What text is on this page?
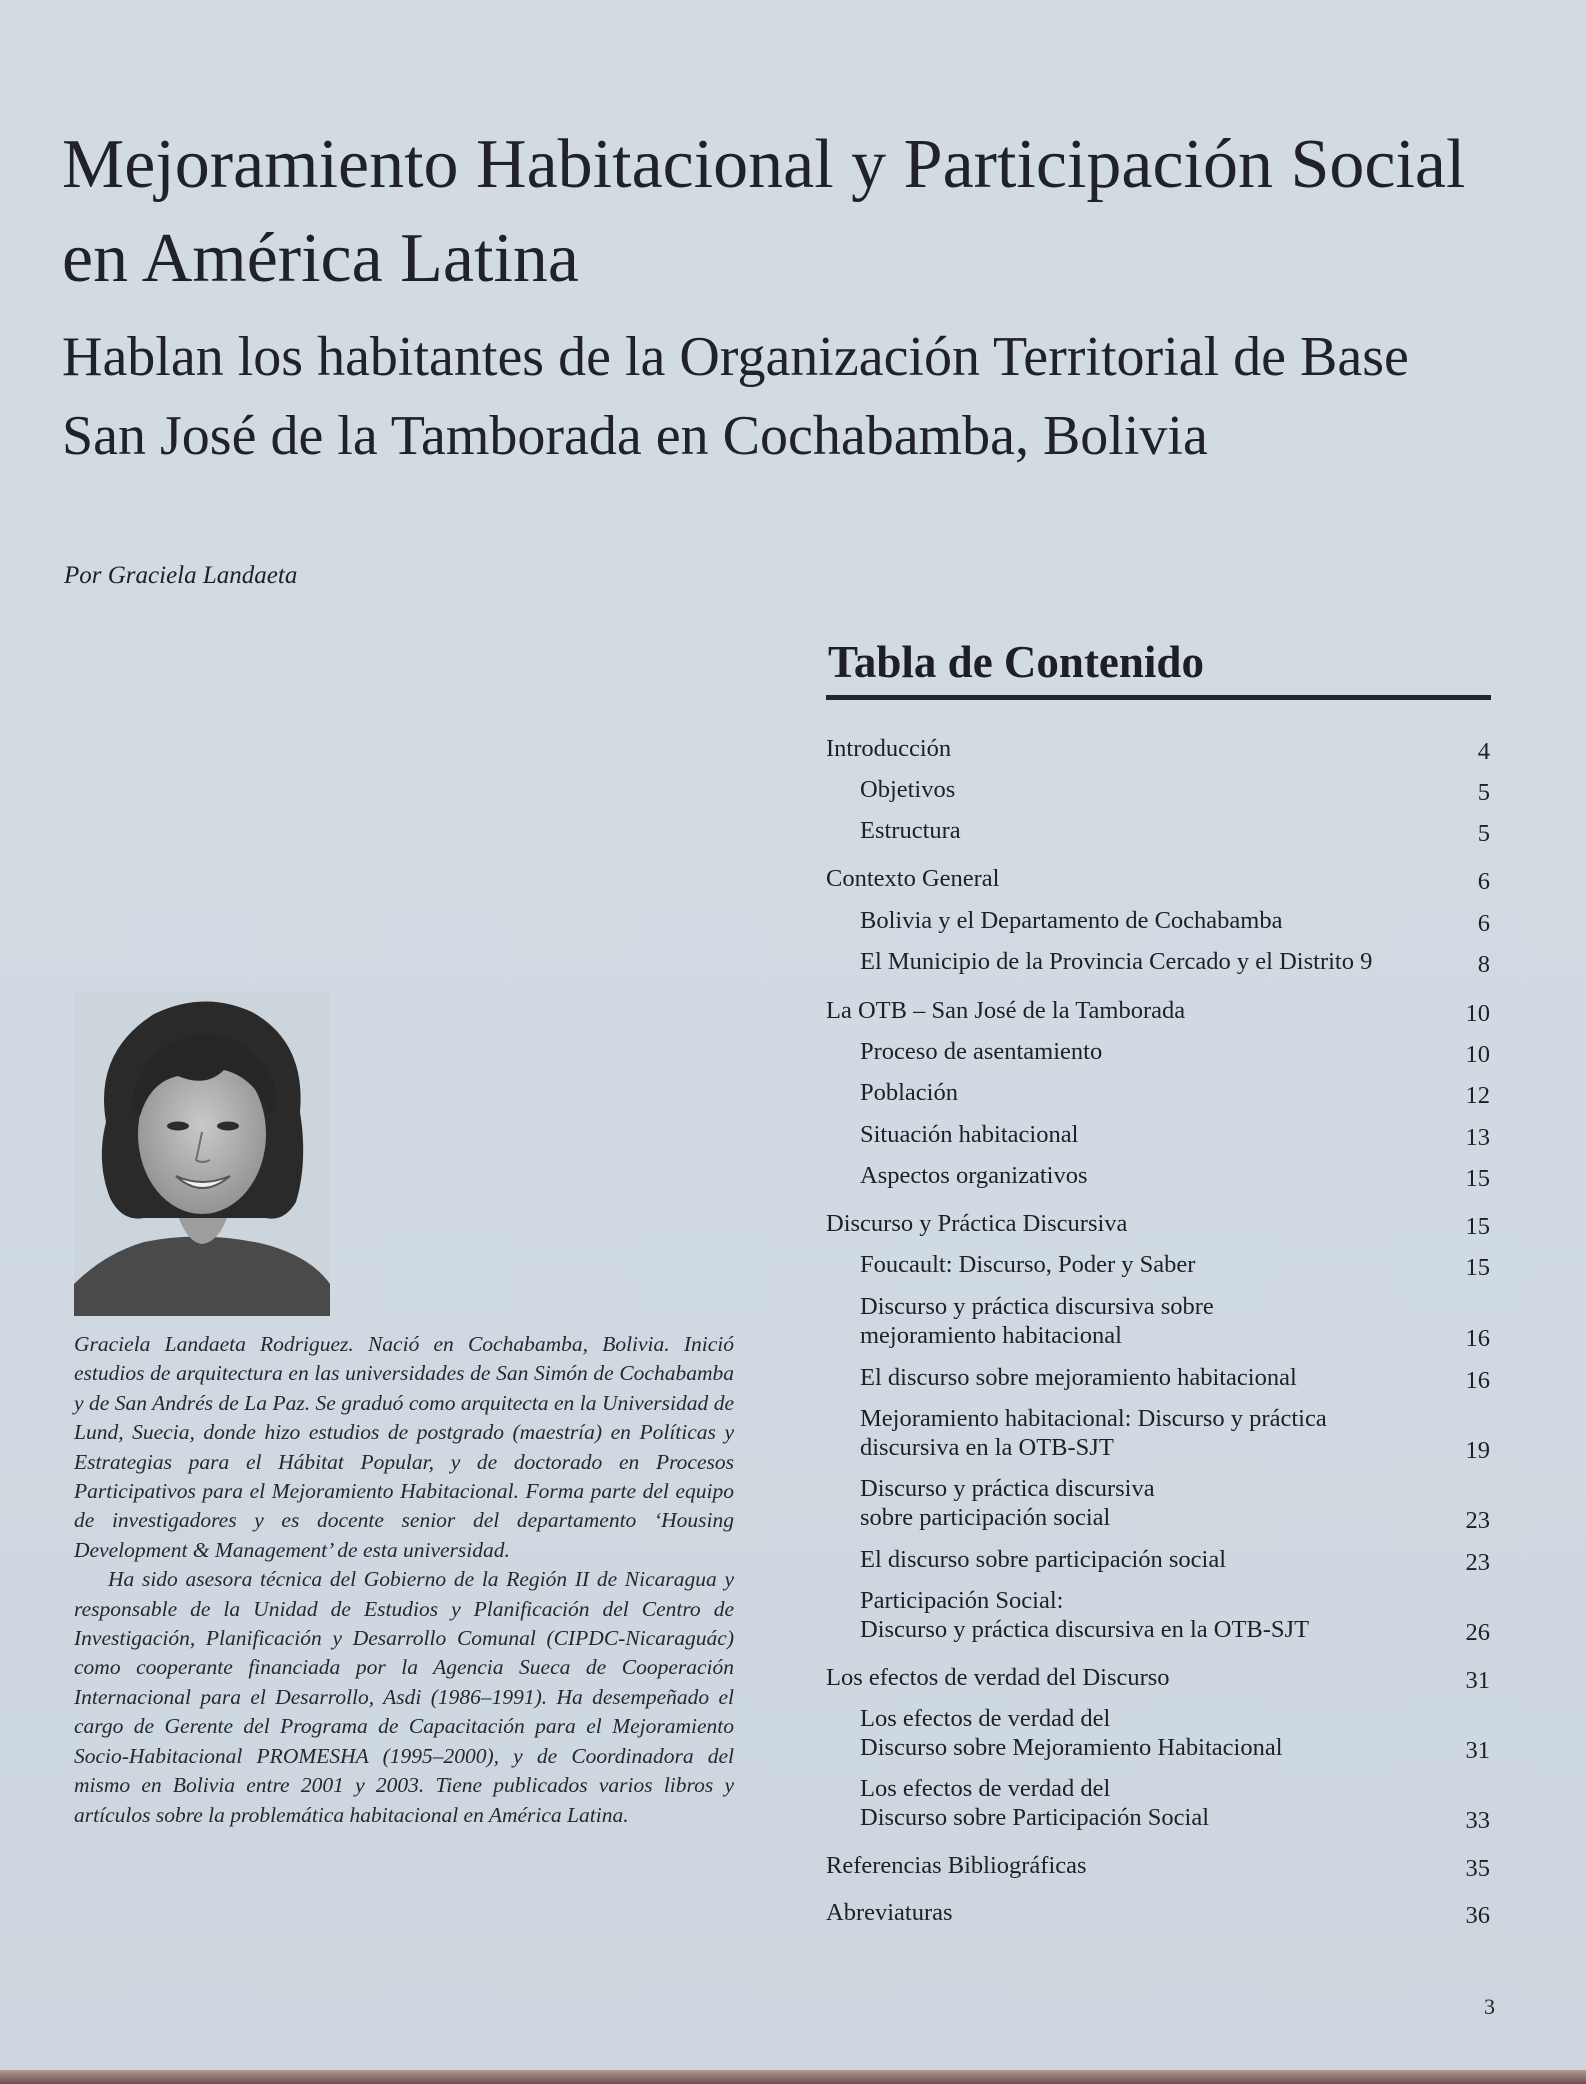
Mejoramiento Habitacional y Participación Social en América Latina
Hablan los habitantes de la Organización Territorial de Base San José de la Tamborada en Cochabamba, Bolivia

Por Graciela Landaeta

Tabla de Contenido
Introducción	4
Objetivos	5
Estructura	5
Contexto General	6
Bolivia y el Departamento de Cochabamba	6
El Municipio de la Provincia Cercado y el Distrito 9	8
La OTB – San José de la Tamborada	10
Proceso de asentamiento	10
Población	12
Situación habitacional	13
Aspectos organizativos	15
Discurso y Práctica Discursiva	15
Foucault: Discurso, Poder y Saber	15
Discurso y práctica discursiva sobre
mejoramiento habitacional	16
El discurso sobre mejoramiento habitacional	16
Mejoramiento habitacional: Discurso y práctica
discursiva en la OTB-SJT	19
Discurso y práctica discursiva
sobre participación social	23
El discurso sobre participación social	23
Participación Social:
Discurso y práctica discursiva en la OTB-SJT	26
Los efectos de verdad del Discurso	31
Los efectos de verdad del
Discurso sobre Mejoramiento Habitacional	31
Los efectos de verdad del
Discurso sobre Participación Social	33
Referencias Bibliográficas	35
Abreviaturas	36

Graciela Landaeta Rodriguez. Nació en Cochabamba, Bolivia. Inició estudios de arquitectura en las universidades de San Simón de Cochabamba y de San Andrés de La Paz. Se graduó como arquitecta en la Universidad de Lund, Suecia, donde hizo estudios de postgrado (maestría) en Políticas y Estrategias para el Hábitat Popular, y de doctorado en Procesos Participativos para el Mejoramiento Habitacional. Forma parte del equipo de investigadores y es docente senior del departamento ‘Housing Development & Management’ de esta universidad.

Ha sido asesora técnica del Gobierno de la Región II de Nicaragua y responsable de la Unidad de Estudios y Planificación del Centro de Investigación, Planificación y Desarrollo Comunal (CIPDC-Nicaraguác) como cooperante financiada por la Agencia Sueca de Cooperación Internacional para el Desarrollo, Asdi (1986–1991). Ha desempeñado el cargo de Gerente del Programa de Capacitación para el Mejoramiento Socio-Habitacional PROMESHA (1995–2000), y de Coordinadora del mismo en Bolivia entre 2001 y 2003. Tiene publicados varios libros y artículos sobre la problemática habitacional en América Latina.

3
